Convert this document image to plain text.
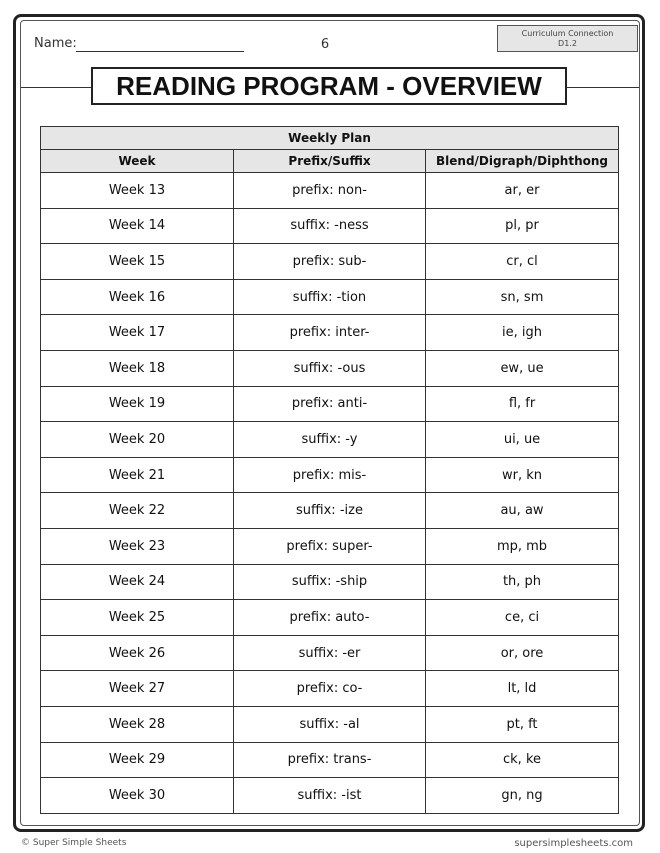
Name:	6
Curriculum Connection
D1.2
READING PROGRAM - OVERVIEW
Weekly Plan		
Week	Prefix/Suffix	Blend/Digraph/Diphthong
Week 13	prefix: non-	ar, er
Week 14	suffix: -ness	pl, pr
Week 15	prefix: sub-	cr, cl
Week 16	suffix: -tion	sn, sm
Week 17	prefix: inter-	ie, igh
Week 18	suffix: -ous	ew, ue
Week 19	prefix: anti-	fl, fr
Week 20	suffix: -y	ui, ue
Week 21	prefix: mis-	wr, kn
Week 22	suffix: -ize	au, aw
Week 23	prefix: super-	mp, mb
Week 24	suffix: -ship	th, ph
Week 25	prefix: auto-	ce, ci
Week 26	suffix: -er	or, ore
Week 27	prefix: co-	lt, ld
Week 28	suffix: -al	pt, ft
Week 29	prefix: trans-	ck, ke
Week 30	suffix: -ist	gn, ng
© Super Simple Sheets	supersimplesheets.com
